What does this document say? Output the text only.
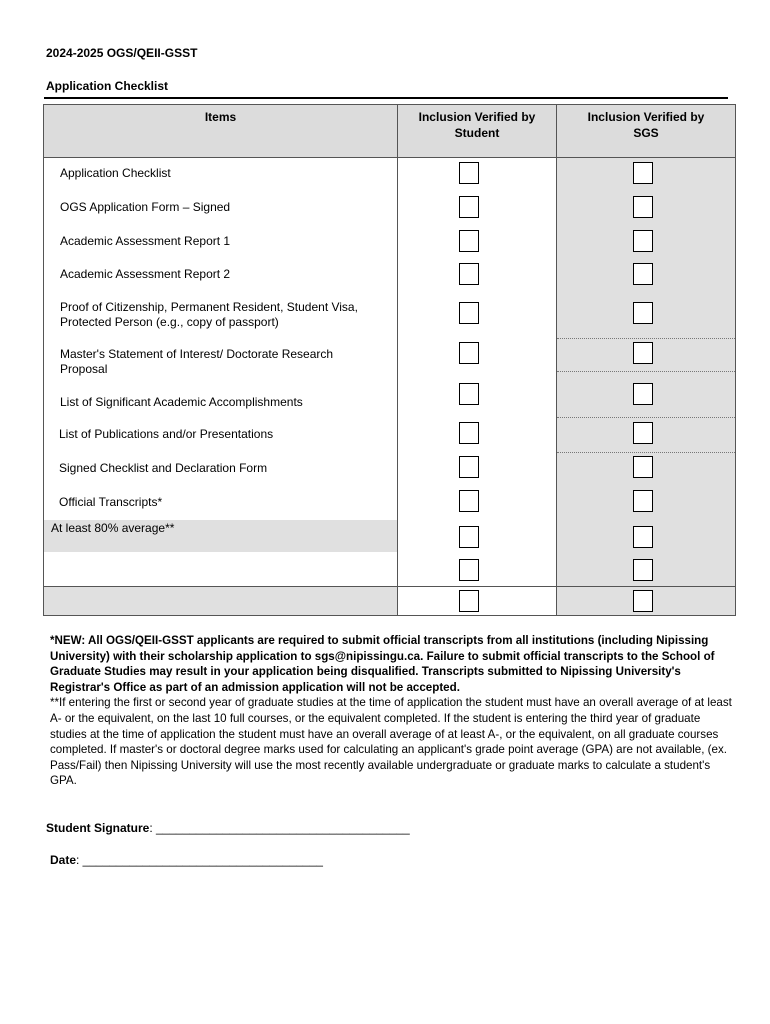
2024-2025 OGS/QEII-GSST
Application Checklist
Items	Inclusion Verified by
Student
Inclusion Verified by
SGS
Application Checklist
OGS Application Form – Signed
Academic Assessment Report 1
Academic Assessment Report 2
Proof of Citizenship, Permanent Resident, Student Visa,
Protected Person (e.g., copy of passport)
Master's Statement of Interest/ Doctorate Research
Proposal
List of Significant Academic Accomplishments
List of Publications and/or Presentations
Signed Checklist and Declaration Form
Official Transcripts*
At least 80% average**
*NEW: All OGS/QEII-GSST applicants are required to submit official transcripts from all institutions (including Nipissing University) with their scholarship application to sgs@nipissingu.ca. Failure to submit official transcripts to the School of Graduate Studies may result in your application being disqualified. Transcripts submitted to Nipissing University's Registrar's Office as part of an admission application will not be accepted.
**If entering the first or second year of graduate studies at the time of application the student must have an overall average of at least A- or the equivalent, on the last 10 full courses, or the equivalent completed. If the student is entering the third year of graduate studies at the time of application the student must have an overall average of at least A-, or the equivalent, on all graduate courses completed. If master's or doctoral degree marks used for calculating an applicant's grade point average (GPA) are not available, (ex. Pass/Fail) then Nipissing University will use the most recently available undergraduate or graduate marks to calculate a student's GPA.
Student Signature: ______________________________________
Date: ____________________________________
